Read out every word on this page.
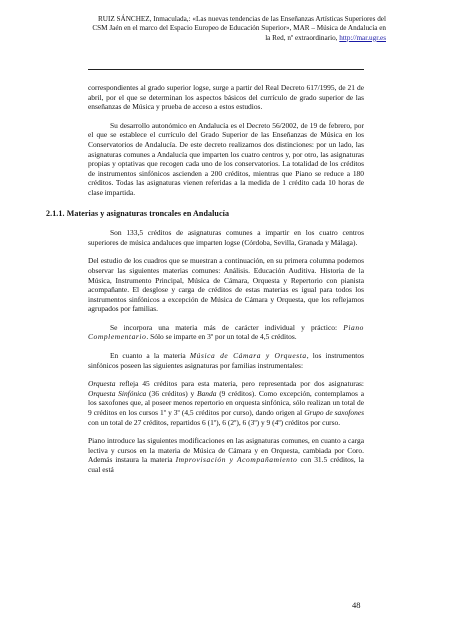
RUIZ SÁNCHEZ, Inmaculada,: «Las nuevas tendencias de las Enseñanzas Artísticas Superiores del
CSM Jaén en el marco del Espacio Europeo de Educación Superior», MAR – Música de Andalucía en
la Red, nº extraordinario, http://mar.ugr.es

correspondientes al grado superior logse, surge a partir del Real Decreto 617/1995, de 21 de abril, por el que se determinan los aspectos básicos del currículo de grado superior de las enseñanzas de Música y prueba de acceso a estos estudios.

Su desarrollo autonómico en Andalucía es el Decreto 56/2002, de 19 de febrero, por el que se establece el currículo del Grado Superior de las Enseñanzas de Música en los Conservatorios de Andalucía. De este decreto realizamos dos distinciones: por un lado, las asignaturas comunes a Andalucía que imparten los cuatro centros y, por otro, las asignaturas propias y optativas que recogen cada uno de los conservatorios. La totalidad de los créditos de instrumentos sinfónicos ascienden a 200 créditos, mientras que Piano se reduce a 180 créditos. Todas las asignaturas vienen referidas a la medida de 1 crédito cada 10 horas de clase impartida.

2.1.1. Materias y asignaturas troncales en Andalucía

Son 133,5 créditos de asignaturas comunes a impartir en los cuatro centros superiores de música andaluces que imparten logse (Córdoba, Sevilla, Granada y Málaga).

Del estudio de los cuadros que se muestran a continuación, en su primera columna podemos observar las siguientes materias comunes: Análisis. Educación Auditiva. Historia de la Música, Instrumento Principal, Música de Cámara, Orquesta y Repertorio con pianista acompañante. El desglose y carga de créditos de estas materias es igual para todos los instrumentos sinfónicos a excepción de Música de Cámara y Orquesta, que los reflejamos agrupados por familias.

Se incorpora una materia más de carácter individual y práctico: Piano Complementario. Sólo se imparte en 3º por un total de 4,5 créditos.

En cuanto a la materia Música de Cámara y Orquesta, los instrumentos sinfónicos poseen las siguientes asignaturas por familias instrumentales:

Orquesta refleja 45 créditos para esta materia, pero representada por dos asignaturas: Orquesta Sinfónica (36 créditos) y Banda (9 créditos). Como excepción, contemplamos a los saxofones que, al poseer menos repertorio en orquesta sinfónica, sólo realizan un total de 9 créditos en los cursos 1º y 3º (4,5 créditos por curso), dando origen al Grupo de saxofones con un total de 27 créditos, repartidos 6 (1º), 6 (2º), 6 (3º) y 9 (4º) créditos por curso.

Piano introduce las siguientes modificaciones en las asignaturas comunes, en cuanto a carga lectiva y cursos en la materia de Música de Cámara y en Orquesta, cambiada por Coro. Además instaura la materia Improvisación y Acompañamiento con 31.5 créditos, la cual está

48
